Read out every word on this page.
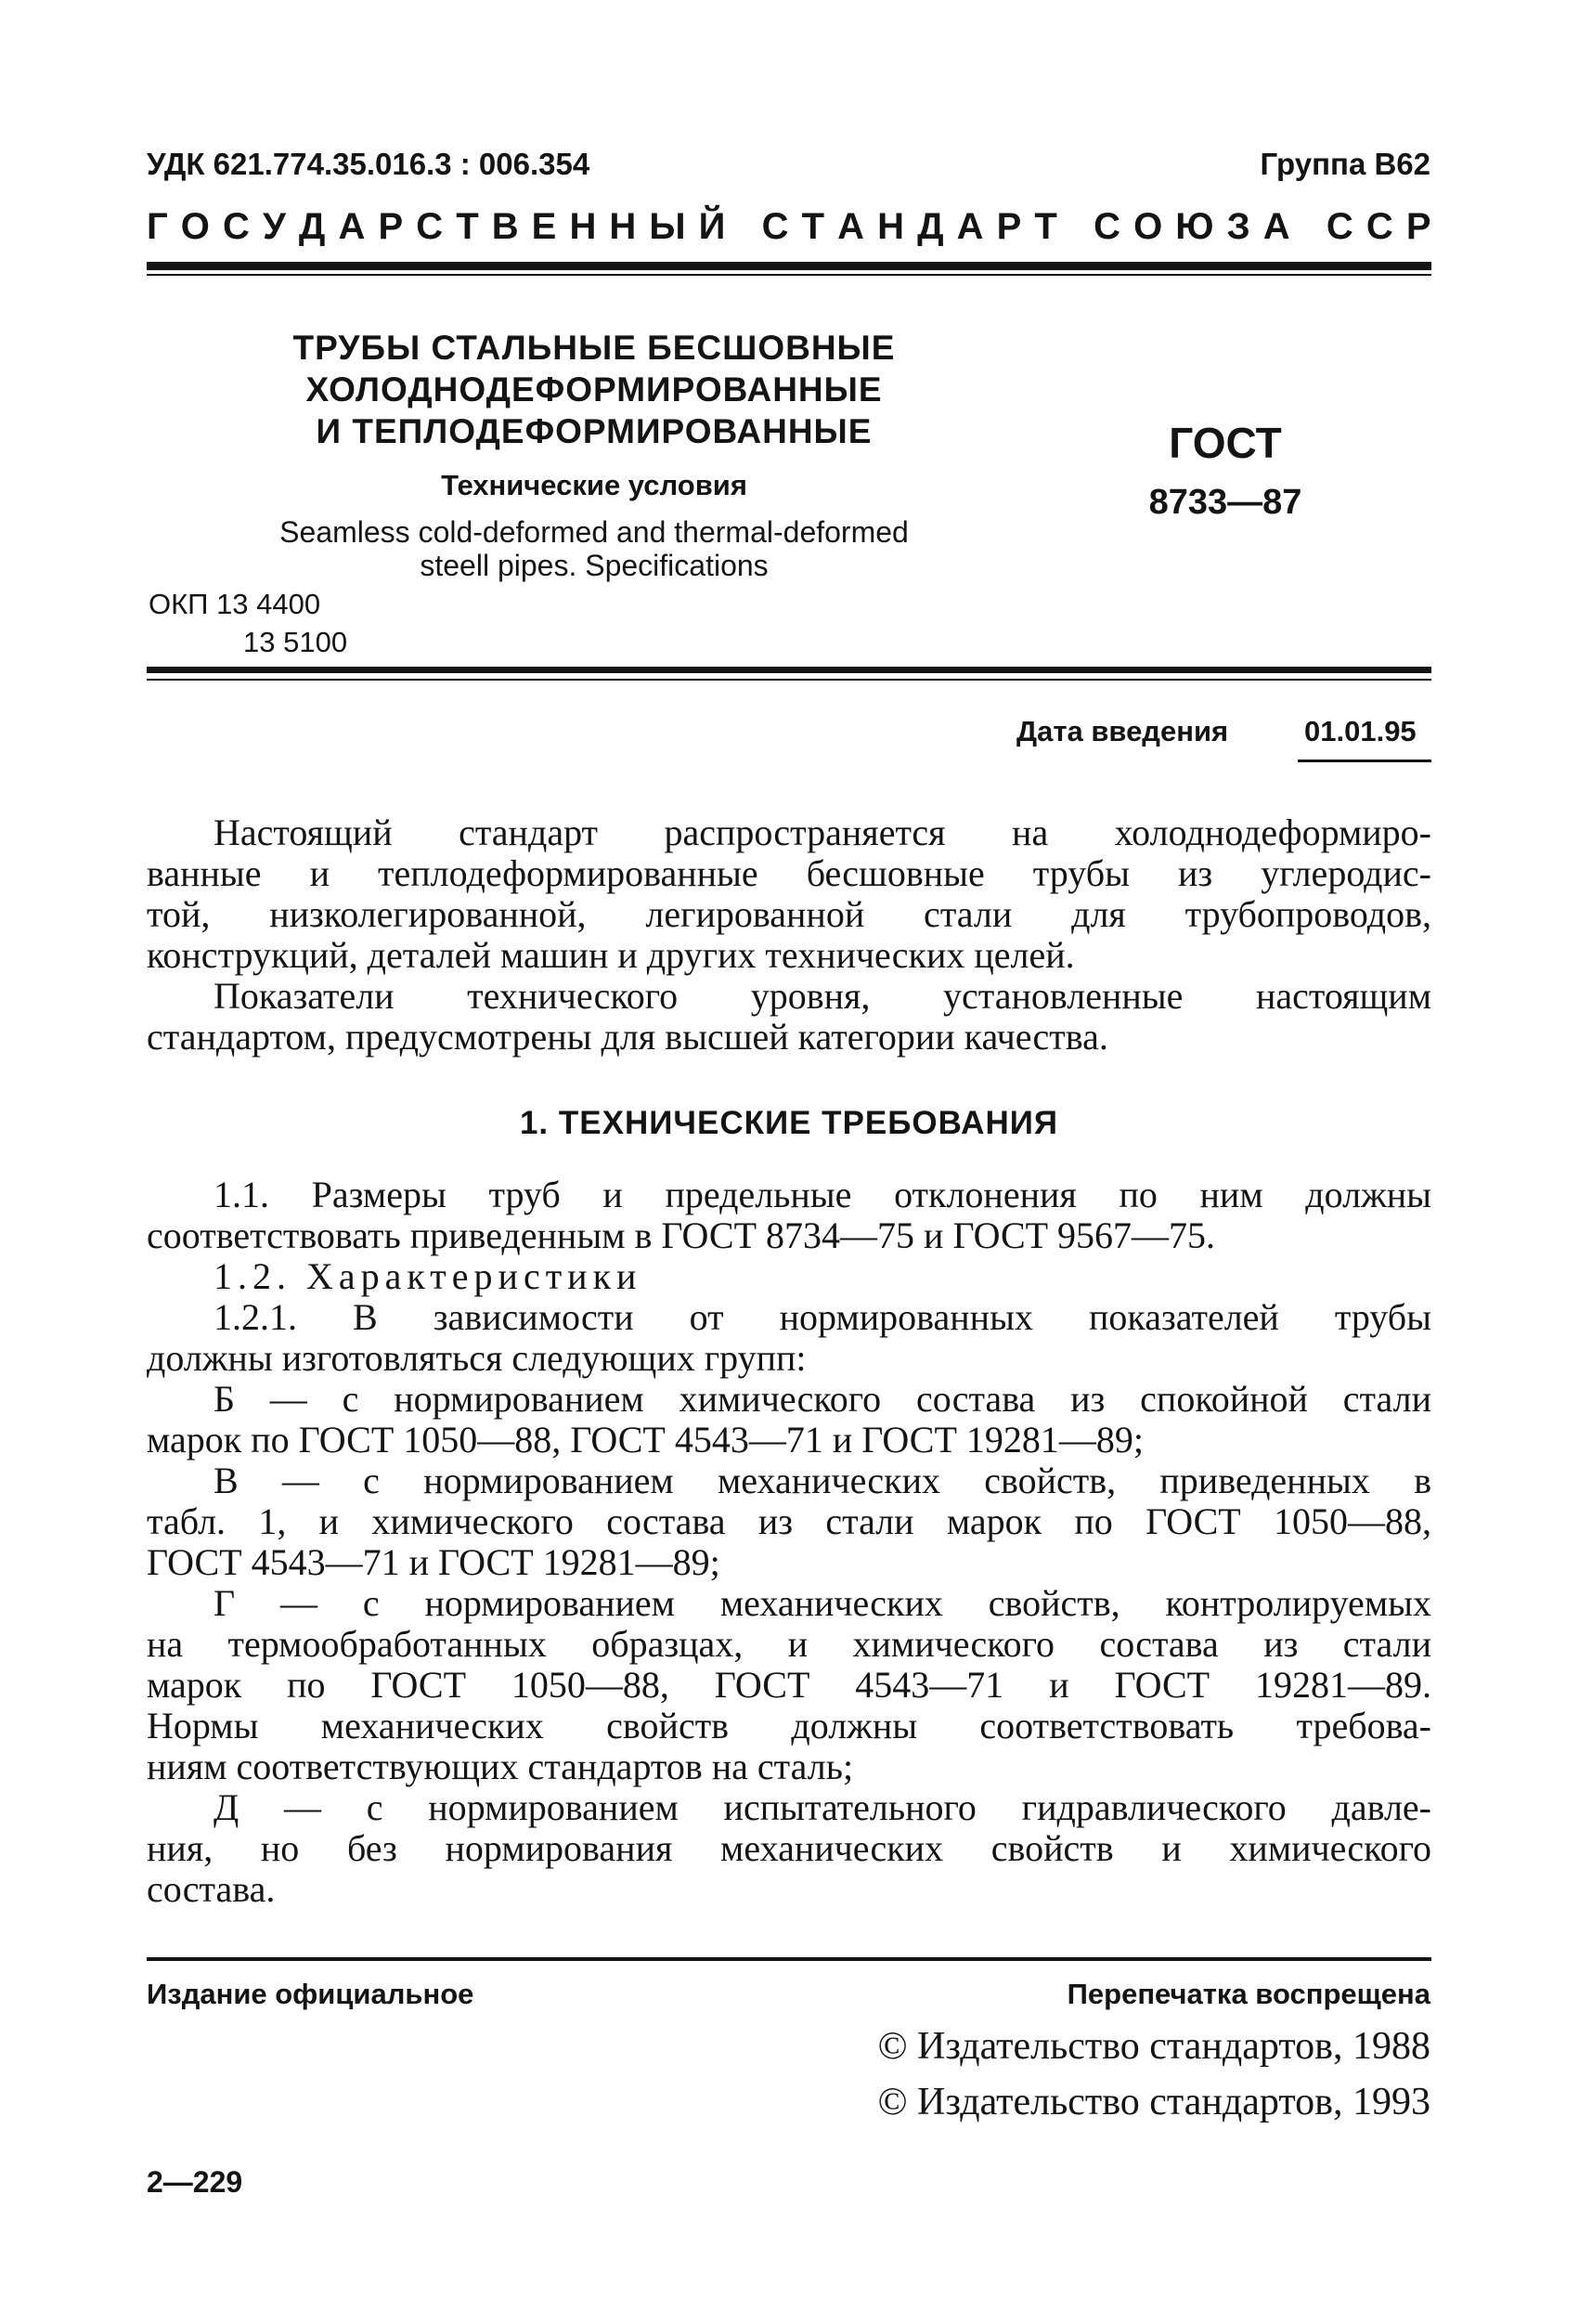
УДК 621.774.35.016.3 : 006.354	Группа В62
Г О С У Д А Р С Т В Е Н Н Ы Й
С Т А Н Д А Р Т
С О Ю З А
С С Р
ТРУБЫ СТАЛЬНЫЕ БЕСШОВНЫЕ
ХОЛОДНОДЕФОРМИРОВАННЫЕ
И ТЕПЛОДЕФОРМИРОВАННЫЕ
Технические условия
Seamless cold-deformed and thermal-deformed
steell pipes. Specifications
ОКП 13 4400
13 5100
ГОСТ
8733—87
Дата введения	01.01.95
Настоящий стандарт распространяется на холоднодеформиро-
ванные и теплодеформированные бесшовные трубы из углеродис-
той, низколегированной, легированной стали для трубопроводов,
конструкций, деталей машин и других технических целей.
Показатели технического уровня, установленные настоящим
стандартом, предусмотрены для высшей категории качества.
1. ТЕХНИЧЕСКИЕ ТРЕБОВАНИЯ
1.1. Размеры труб и предельные отклонения по ним должны
соответствовать приведенным в ГОСТ 8734—75 и ГОСТ 9567—75.
1.2. Характеристики
1.2.1. В зависимости от нормированных показателей трубы
должны изготовляться следующих групп:
Б — с нормированием химического состава из спокойной стали
марок по ГОСТ 1050—88, ГОСТ 4543—71 и ГОСТ 19281—89;
В — с нормированием механических свойств, приведенных в
табл. 1, и химического состава из стали марок по ГОСТ 1050—88,
ГОСТ 4543—71 и ГОСТ 19281—89;
Г — с нормированием механических свойств, контролируемых
на термообработанных образцах, и химического состава из стали
марок по ГОСТ 1050—88, ГОСТ 4543—71 и ГОСТ 19281—89.
Нормы механических свойств должны соответствовать требова-
ниям соответствующих стандартов на сталь;
Д — с нормированием испытательного гидравлического давле-
ния, но без нормирования механических свойств и химического
состава.
Издание официальное	Перепечатка воспрещена
© Издательство стандартов, 1988
© Издательство стандартов, 1993
2—229
